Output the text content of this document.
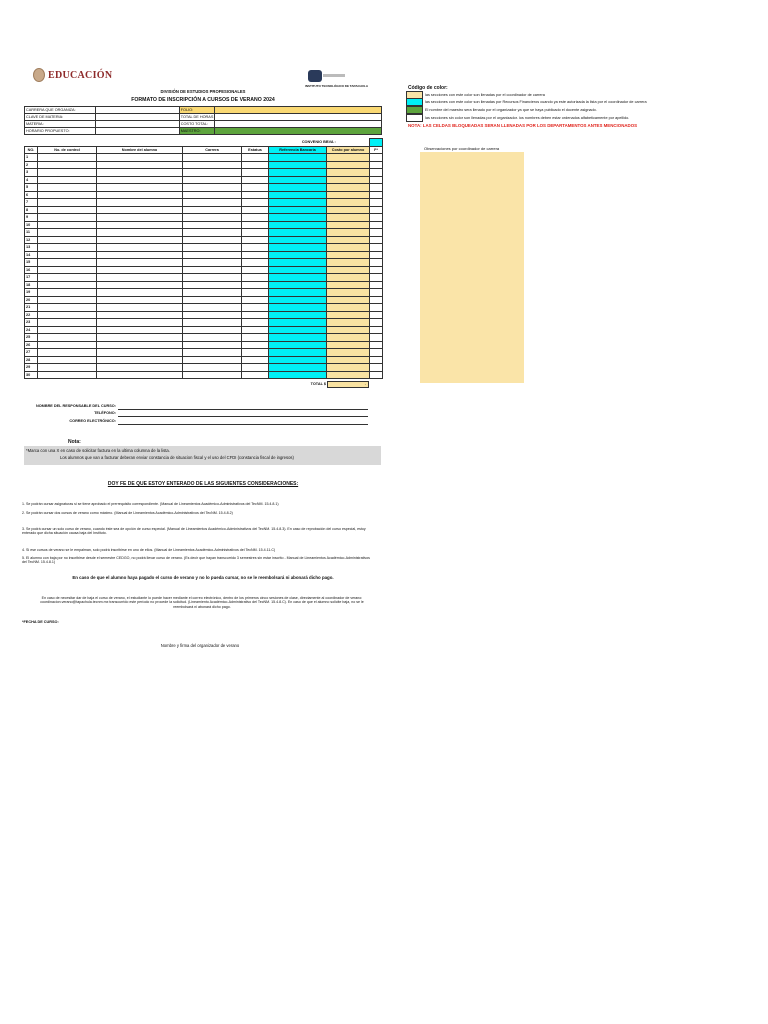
EDUCACIÓN
INSTITUTO TECNOLÓGICO DE TAPACHULA
DIVISIÓN DE ESTUDIOS PROFESIONALES
FORMATO DE INSCRIPCIÓN A CURSOS DE VERANO 2024
CARRERA QUE ORGANIZA:		FOLIO:	
CLAVE DE MATERIA:		TOTAL DE HORAS	
MATERIA:		COSTO TOTAL:	
HORARIO PROPUESTO:		MAESTRO:	
					CONVENIO BBVA :		
NO.	No. de control	Nombre del alumno	Carrera	Estatus	Referencia Bancaria	Costo por alumno	F*
1							
2							
3							
4							
5							
6							
7							
8							
9							
10							
11							
12							
13							
14							
15							
16							
17							
18							
19							
20							
21							
22							
23							
24							
25							
26							
27							
28							
29							
30							
TOTAL $	-
NOMBRE DEL RESPONSABLE DEL CURSO:
TELÉFONO:
CORREO ELECTRÓNICO:
Nota:
*Marca con una X en caso de solicitar factura en la ultima columna de la lista.
Los alumnos que van a facturar deberan enviar constancia de situacion fiscal y el uso del CFDI (constancia fiscal de ingresos)
DOY FE DE QUE ESTOY ENTERADO DE LAS SIGUIENTES CONSIDERACIONES:
1. Se podrán cursar asignaturas si se tiene aprobado el prerrequisito correspondiente. (Manual de Lineamientos Académico-Administrativos del TecNM. 15.4.8.1)
2. Se podrán cursar dos cursos de verano como máximo. (Manual de Lineamientos Académico-Administrativos del TecNM. 15.4.8.2)
3. Se podrá cursar un solo curso de verano, cuando éste sea de opción de curso especial. (Manual de Lineamientos Académico-Administrativos del TecNM. 15.4.8.3). En caso de reprobación del curso especial, estoy enterado que dicha situación causa baja del Instituto.
4. Si ese cursos de verano se le empalman, solo podrá inscribirse en uno de ellos. (Manual de Lineamientos Académico-Administrativos del TecNM. 15.4.11.C)
5. El alumno con baja por no inscribirse desde el semestre CEDGO, no podrá llevar curso de verano. (Es decir que hayan transcurrido 3 semestres sin estar inscrito - Manual de Lineamientos Académico-Administrativos del TecNM. 15.4.8.1)
En caso de que el alumno haya pagado el curso de verano y no lo pueda cursar, no se le reembolsará ni abonará dicho pago.
En caso de necesitar dar de baja el curso de verano, el estudiante lo puede hacer mediante el correo electrónico, dentro de los primeros cinco sesiones de clase, directamente al coordinador de verano: coordinacion.verano@tapachula.tecnm.mx transcurrido este período no procede la solicitud. (Lineamiento Académico-Administrativo del TecNM. 15.4.8.C). En caso de que el alumno solicite baja, no se le reembolsará ni abonará dicho pago.
*FECHA DE CURSO:
Nombre y firma del organizador de verano
Código de color:
las secciones con este color son llenadas por el coordinador de carrera
las secciones con este color son llenadas por Recursos Financieros cuando ya este autorizada la lista por el coordinador de carrera
El nombre del maestro sera llenado por el organizador ya que se haya publicado el docente asignado.
las secciones sin color son llenadas por el organizador. los nombres deben estar ordenados alfabeticamente por apellido.
NOTA: LAS CELDAS BLOQUEADAS SERAN LLENADAS POR LOS DEPARTAMENTOS ANTES MENCIONADOS
Observaciones por coordinador de carrera
